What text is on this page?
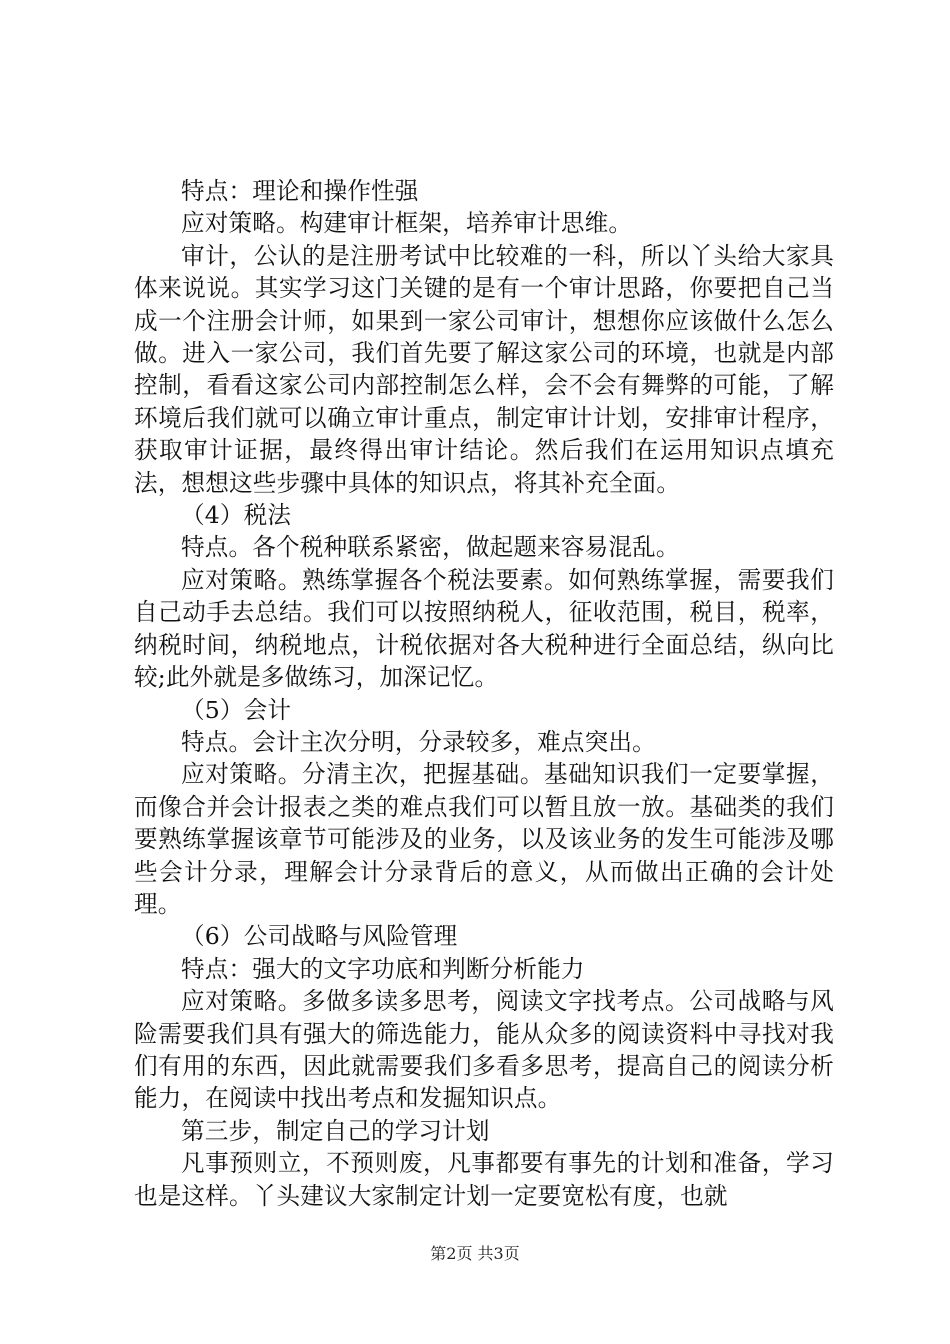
特点：理论和操作性强

应对策略。构建审计框架，培养审计思维。

审计，公认的是注册考试中比较难的一科，所以丫头给大家具体来说说。其实学习这门关键的是有一个审计思路，你要把自己当成一个注册会计师，如果到一家公司审计，想想你应该做什么怎么做。进入一家公司，我们首先要了解这家公司的环境，也就是内部控制，看看这家公司内部控制怎么样，会不会有舞弊的可能，了解环境后我们就可以确立审计重点，制定审计计划，安排审计程序，获取审计证据，最终得出审计结论。然后我们在运用知识点填充法，想想这些步骤中具体的知识点，将其补充全面。

（4）税法

特点。各个税种联系紧密，做起题来容易混乱。

应对策略。熟练掌握各个税法要素。如何熟练掌握，需要我们自己动手去总结。我们可以按照纳税人，征收范围，税目，税率，纳税时间，纳税地点，计税依据对各大税种进行全面总结，纵向比较;此外就是多做练习，加深记忆。

（5）会计

特点。会计主次分明，分录较多，难点突出。

应对策略。分清主次，把握基础。基础知识我们一定要掌握，而像合并会计报表之类的难点我们可以暂且放一放。基础类的我们要熟练掌握该章节可能涉及的业务，以及该业务的发生可能涉及哪些会计分录，理解会计分录背后的意义，从而做出正确的会计处理。

（6）公司战略与风险管理

特点：强大的文字功底和判断分析能力

应对策略。多做多读多思考，阅读文字找考点。公司战略与风险需要我们具有强大的筛选能力，能从众多的阅读资料中寻找对我们有用的东西，因此就需要我们多看多思考，提高自己的阅读分析能力，在阅读中找出考点和发掘知识点。

第三步，制定自己的学习计划

凡事预则立，不预则废，凡事都要有事先的计划和准备，学习也是这样。丫头建议大家制定计划一定要宽松有度，也就

第2页 共3页
